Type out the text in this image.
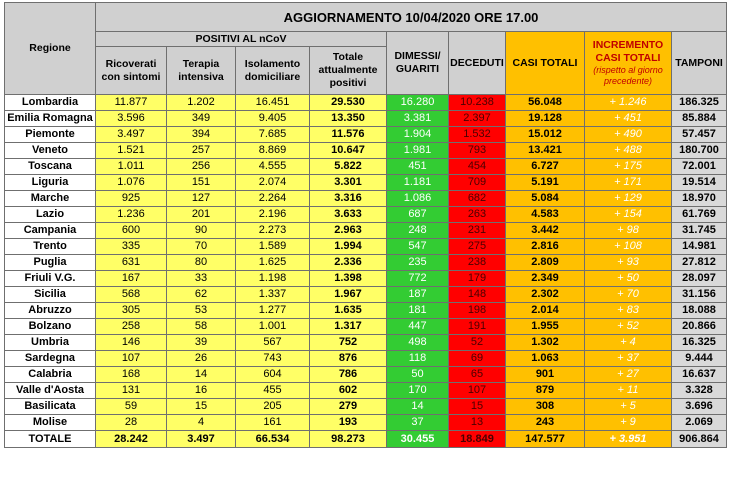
Regione	AGGIORNAMENTO 10/04/2020 ORE 17.00								
	POSITIVI AL nCoV				DIMESSI/ GUARITI	DECEDUTI	CASI TOTALI	INCREMENTO CASI TOTALI
(rispetto al giorno precedente)	TAMPONI
	Ricoverati con sintomi	Terapia intensiva	Isolamento domiciliare	Totale attualmente positivi					
Lombardia	11.877	1.202	16.451	29.530	16.280	10.238	56.048	+ 1.246	186.325
Emilia Romagna	3.596	349	9.405	13.350	3.381	2.397	19.128	+ 451	85.884
Piemonte	3.497	394	7.685	11.576	1.904	1.532	15.012	+ 490	57.457
Veneto	1.521	257	8.869	10.647	1.981	793	13.421	+ 488	180.700
Toscana	1.011	256	4.555	5.822	451	454	6.727	+ 175	72.001
Liguria	1.076	151	2.074	3.301	1.181	709	5.191	+ 171	19.514
Marche	925	127	2.264	3.316	1.086	682	5.084	+ 129	18.970
Lazio	1.236	201	2.196	3.633	687	263	4.583	+ 154	61.769
Campania	600	90	2.273	2.963	248	231	3.442	+ 98	31.745
Trento	335	70	1.589	1.994	547	275	2.816	+ 108	14.981
Puglia	631	80	1.625	2.336	235	238	2.809	+ 93	27.812
Friuli V.G.	167	33	1.198	1.398	772	179	2.349	+ 50	28.097
Sicilia	568	62	1.337	1.967	187	148	2.302	+ 70	31.156
Abruzzo	305	53	1.277	1.635	181	198	2.014	+ 83	18.088
Bolzano	258	58	1.001	1.317	447	191	1.955	+ 52	20.866
Umbria	146	39	567	752	498	52	1.302	+ 4	16.325
Sardegna	107	26	743	876	118	69	1.063	+ 37	9.444
Calabria	168	14	604	786	50	65	901	+ 27	16.637
Valle d'Aosta	131	16	455	602	170	107	879	+ 11	3.328
Basilicata	59	15	205	279	14	15	308	+ 5	3.696
Molise	28	4	161	193	37	13	243	+ 9	2.069
TOTALE	28.242	3.497	66.534	98.273	30.455	18.849	147.577	+ 3.951	906.864
